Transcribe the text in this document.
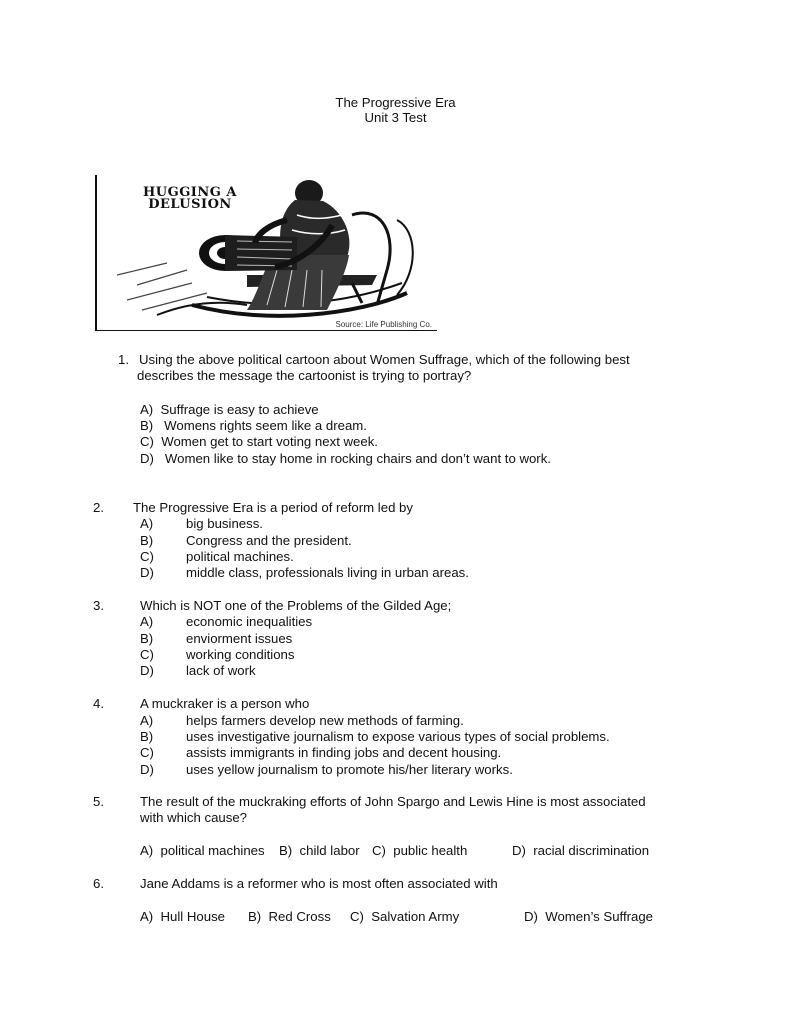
The Progressive Era
Unit 3 Test
HUGGING A DELUSION
Source: Life Publishing Co.
1. Using the above political cartoon about Women Suffrage, which of the following best
describes the message the cartoonist is trying to portray?
A) Suffrage is easy to achieve
B)   Womens rights seem like a dream.
C) Women get to start voting next week.
D)   Women like to stay home in rocking chairs and don’t want to work.
2. The Progressive Era is a period of reform led by
A) big business.
B) Congress and the president.
C) political machines.
D) middle class, professionals living in urban areas.
3.	Which is NOT one of the Problems of the Gilded Age;
A) economic inequalities
B) enviorment issues
C) working conditions
D) lack of work
4.	A muckraker is a person who
A) helps farmers develop new methods of farming.
B) uses investigative journalism to expose various types of social problems.
C) assists immigrants in finding jobs and decent housing.
D) uses yellow journalism to promote his/her literary works.
5.	The result of the muckraking efforts of John Spargo and Lewis Hine is most associated
with which cause?
A) political machines B) child labor C) public health	D) racial discrimination
6.	Jane Addams is a reformer who is most often associated with
A) Hull House B) Red Cross C) Salvation Army	D) Women’s Suffrage
